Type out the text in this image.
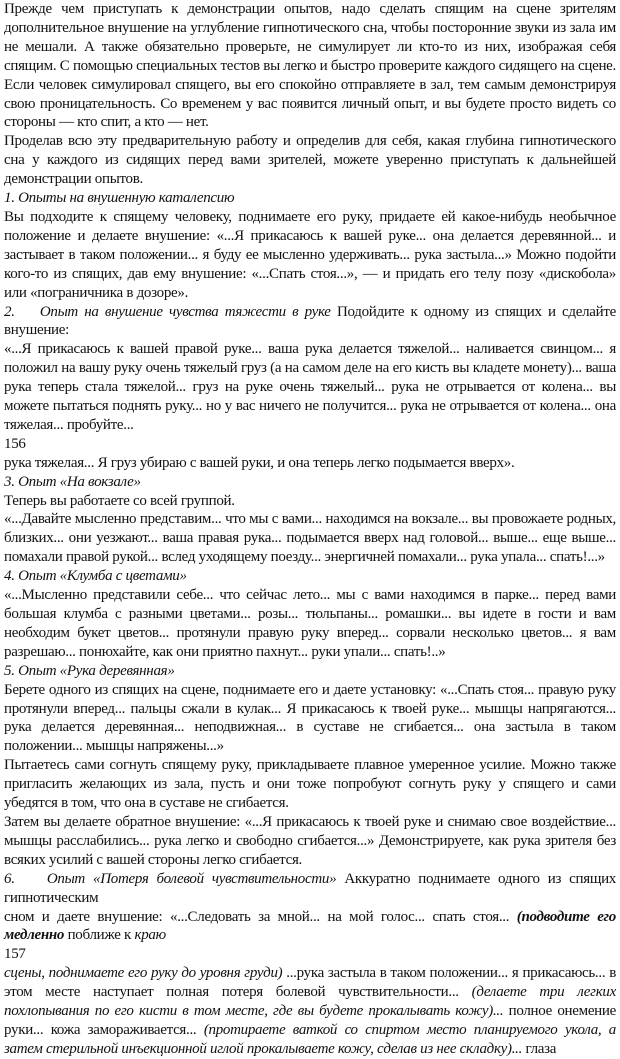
Прежде чем приступать к демонстрации опытов, надо сделать спящим на сцене зрителям дополнительное внушение на углубление гипнотического сна, чтобы посторонние звуки из зала им не мешали. А также обязательно проверьте, не симулирует ли кто-то из них, изображая себя спящим. С помощью специальных тестов вы легко и быстро проверите каждого сидящего на сцене. Если человек симулировал спящего, вы его спокойно отправляете в зал, тем самым демонстрируя свою проницательность. Со временем у вас появится личный опыт, и вы будете просто видеть со стороны — кто спит, а кто — нет.

Проделав всю эту предварительную работу и определив для себя, какая глубина гипнотического сна у каждого из сидящих перед вами зрителей, можете уверенно приступать к дальнейшей демонстрации опытов.

1. Опыты на внушенную каталепсию

Вы подходите к спящему человеку, поднимаете его руку, придаете ей какое-нибудь необычное положение и делаете внушение: «...Я прикасаюсь к вашей руке... она делается деревянной... и застывает в таком положении... я буду ее мысленно удерживать... рука застыла...» Можно подойти кого-то из спящих, дав ему внушение: «...Спать стоя...», — и придать его телу позу «дискобола» или «пограничника в дозоре».

2. Опыт на внушение чувства тяжести в руке Подойдите к одному из спящих и сделайте внушение:

«...Я прикасаюсь к вашей правой руке... ваша рука делается тяжелой... наливается свинцом... я положил на вашу руку очень тяжелый груз (а на самом деле на его кисть вы кладете монету)... ваша рука теперь стала тяжелой... груз на руке очень тяжелый... рука не отрывается от колена... вы можете пытаться поднять руку... но у вас ничего не получится... рука не отрывается от колена... она тяжелая... пробуйте...

156

рука тяжелая... Я груз убираю с вашей руки, и она теперь легко подымается вверх».

3. Опыт «На вокзале»

Теперь вы работаете со всей группой.

«...Давайте мысленно представим... что мы с вами... находимся на вокзале... вы провожаете родных, близких... они уезжают... ваша правая рука... подымается вверх над головой... выше... еще выше... помахали правой рукой... вслед уходящему поезду... энергичней помахали... рука упала... спать!...»

4. Опыт «Клумба с цветами»

«...Мысленно представили себе... что сейчас лето... мы с вами находимся в парке... перед вами большая клумба с разными цветами... розы... тюльпаны... ромашки... вы идете в гости и вам необходим букет цветов... протянули правую руку вперед... сорвали несколько цветов... я вам разрешаю... понюхайте, как они приятно пахнут... руки упали... спать!..»

5. Опыт «Рука деревянная»

Берете одного из спящих на сцене, поднимаете его и даете установку: «...Спать стоя... правую руку протянули вперед... пальцы сжали в кулак... Я прикасаюсь к твоей руке... мышцы напрягаются... рука делается деревянная... неподвижная... в суставе не сгибается... она застыла в таком положении... мышцы напряжены...»

Пытаетесь сами согнуть спящему руку, прикладываете плавное умеренное усилие. Можно также пригласить желающих из зала, пусть и они тоже попробуют согнуть руку у спящего и сами убедятся в том, что она в суставе не сгибается.

Затем вы делаете обратное внушение: «...Я прикасаюсь к твоей руке и снимаю свое воздействие... мышцы расслабились... рука легко и свободно сгибается...» Демонстрируете, как рука зрителя без всяких усилий с вашей стороны легко сгибается.

6. Опыт «Потеря болевой чувствительности» Аккуратно поднимаете одного из спящих гипнотическим

сном и даете внушение: «...Следовать за мной... на мой голос... спать стоя... (подводите его медленно поближе к краю

157

сцены, поднимаете его руку до уровня груди) ...рука застыла в таком положении... я прикасаюсь... в этом месте наступает полная потеря болевой чувствительности... (делаете три легких похлопывания по его кисти в том месте, где вы будете прокалывать кожу)... полное онемение руки... кожа замораживается... (протираете ваткой со спиртом место планируемого укола, а затем стерильной инъекционной иглой прокалываете кожу, сделав из нее складку)... глаза
